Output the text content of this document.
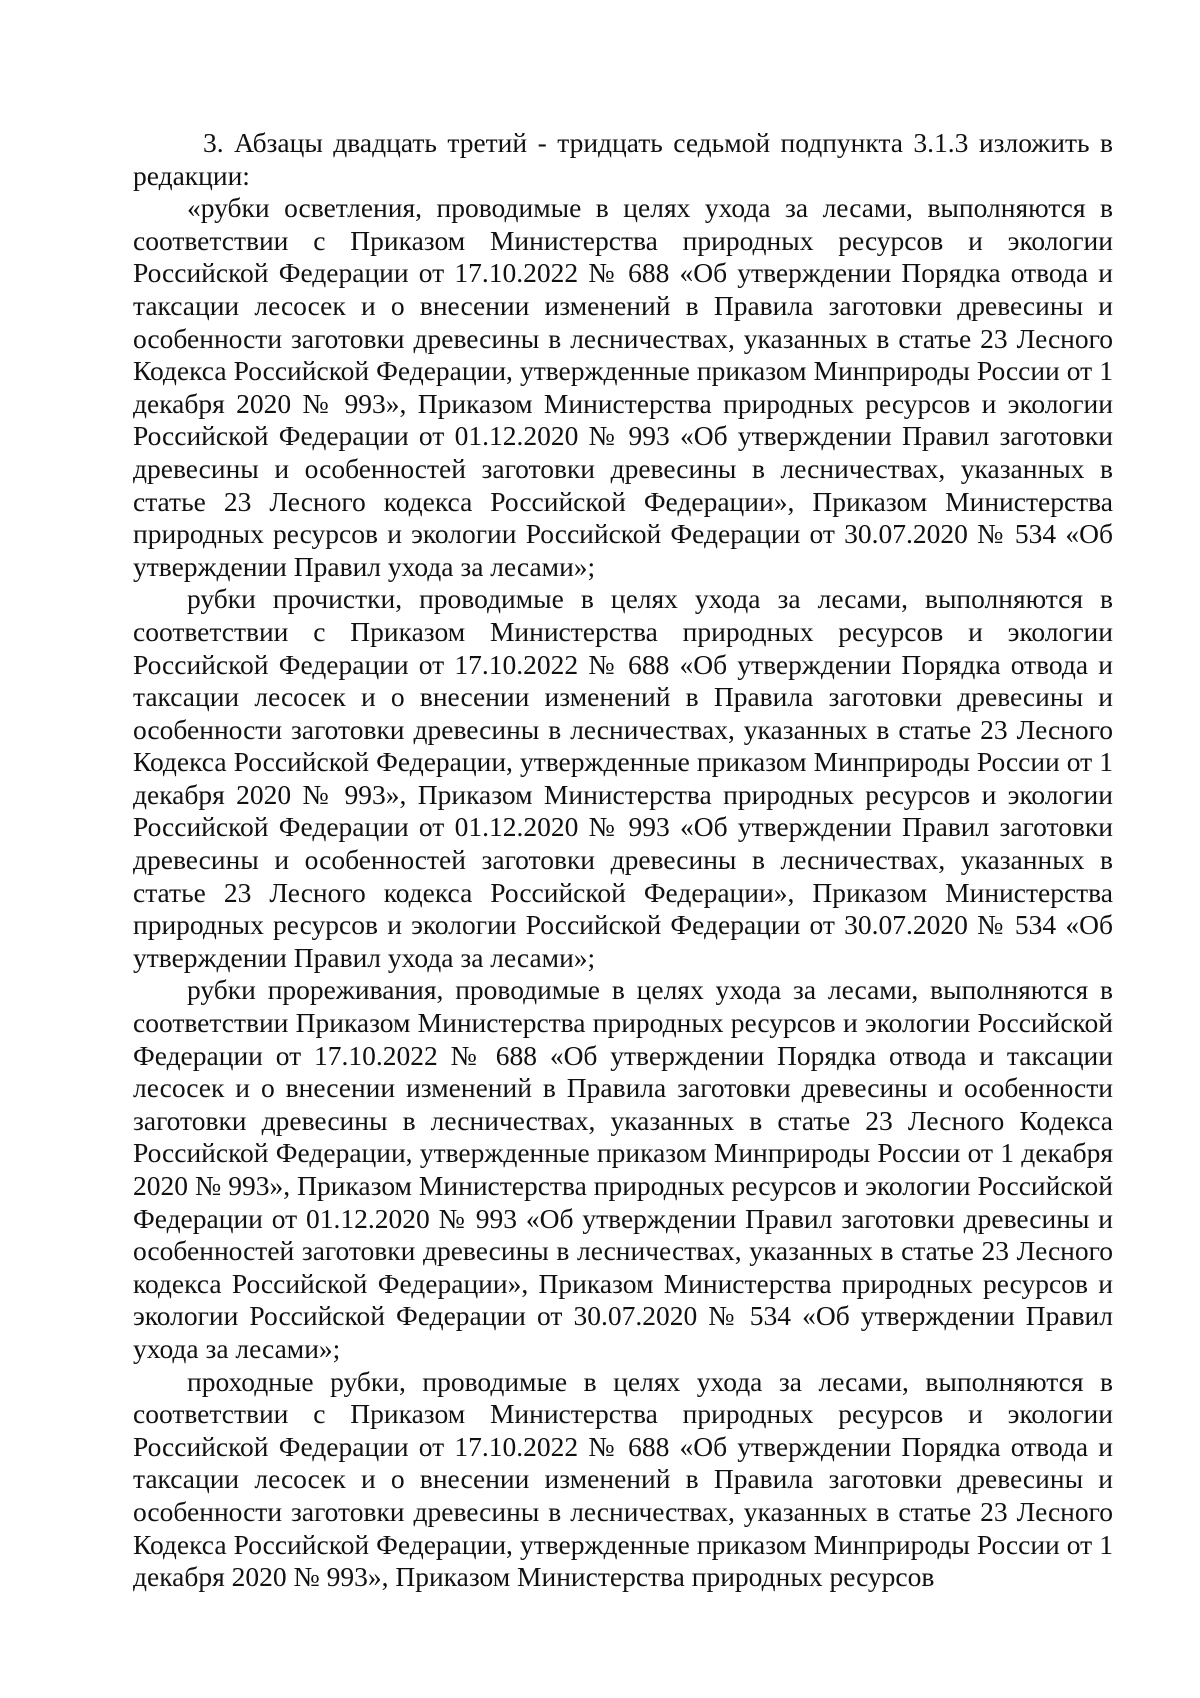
3. Абзацы двадцать третий - тридцать седьмой подпункта 3.1.3 изложить в редакции:

«рубки осветления, проводимые в целях ухода за лесами, выполняются в соответствии с Приказом Министерства природных ресурсов и экологии Российской Федерации от 17.10.2022 № 688 «Об утверждении Порядка отвода и таксации лесосек и о внесении изменений в Правила заготовки древесины и особенности заготовки древесины в лесничествах, указанных в статье 23 Лесного Кодекса Российской Федерации, утвержденные приказом Минприроды России от 1 декабря 2020 № 993», Приказом Министерства природных ресурсов и экологии Российской Федерации от 01.12.2020 № 993 «Об утверждении Правил заготовки древесины и особенностей заготовки древесины в лесничествах, указанных в статье 23 Лесного кодекса Российской Федерации», Приказом Министерства природных ресурсов и экологии Российской Федерации от 30.07.2020 № 534 «Об утверждении Правил ухода за лесами»;

рубки прочистки, проводимые в целях ухода за лесами, выполняются в соответствии с Приказом Министерства природных ресурсов и экологии Российской Федерации от 17.10.2022 № 688 «Об утверждении Порядка отвода и таксации лесосек и о внесении изменений в Правила заготовки древесины и особенности заготовки древесины в лесничествах, указанных в статье 23 Лесного Кодекса Российской Федерации, утвержденные приказом Минприроды России от 1 декабря 2020 № 993», Приказом Министерства природных ресурсов и экологии Российской Федерации от 01.12.2020 № 993 «Об утверждении Правил заготовки древесины и особенностей заготовки древесины в лесничествах, указанных в статье 23 Лесного кодекса Российской Федерации», Приказом Министерства природных ресурсов и экологии Российской Федерации от 30.07.2020 № 534 «Об утверждении Правил ухода за лесами»;

рубки прореживания, проводимые в целях ухода за лесами, выполняются в соответствии Приказом Министерства природных ресурсов и экологии Российской Федерации от 17.10.2022 № 688 «Об утверждении Порядка отвода и таксации лесосек и о внесении изменений в Правила заготовки древесины и особенности заготовки древесины в лесничествах, указанных в статье 23 Лесного Кодекса Российской Федерации, утвержденные приказом Минприроды России от 1 декабря 2020 № 993», Приказом Министерства природных ресурсов и экологии Российской Федерации от 01.12.2020 № 993 «Об утверждении Правил заготовки древесины и особенностей заготовки древесины в лесничествах, указанных в статье 23 Лесного кодекса Российской Федерации», Приказом Министерства природных ресурсов и экологии Российской Федерации от 30.07.2020 № 534 «Об утверждении Правил ухода за лесами»;

проходные рубки, проводимые в целях ухода за лесами, выполняются в соответствии с Приказом Министерства природных ресурсов и экологии Российской Федерации от 17.10.2022 № 688 «Об утверждении Порядка отвода и таксации лесосек и о внесении изменений в Правила заготовки древесины и особенности заготовки древесины в лесничествах, указанных в статье 23 Лесного Кодекса Российской Федерации, утвержденные приказом Минприроды России от 1 декабря 2020 № 993», Приказом Министерства природных ресурсов
